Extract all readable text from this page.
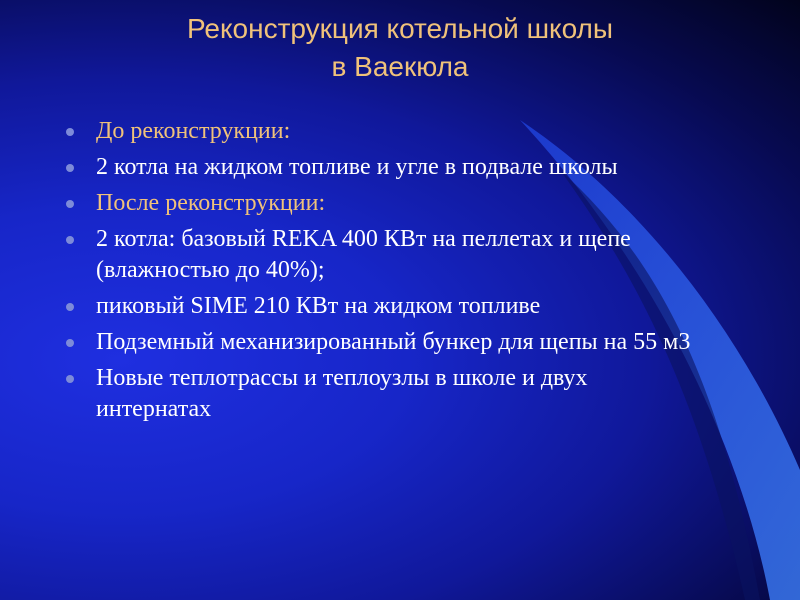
Реконструкция котельной школы
в Ваекюла
До реконструкции:
2 котла на жидком топливе и угле в подвале школы
После реконструкции:
2 котла: базовый REKA 400 КВт на пеллетах и щепе (влажностью до 40%);
пиковый SIME 210 КВт на жидком топливе
Подземный механизированный бункер для щепы на 55 м3
Новые теплотрассы и теплоузлы в школе и двух интернатах
